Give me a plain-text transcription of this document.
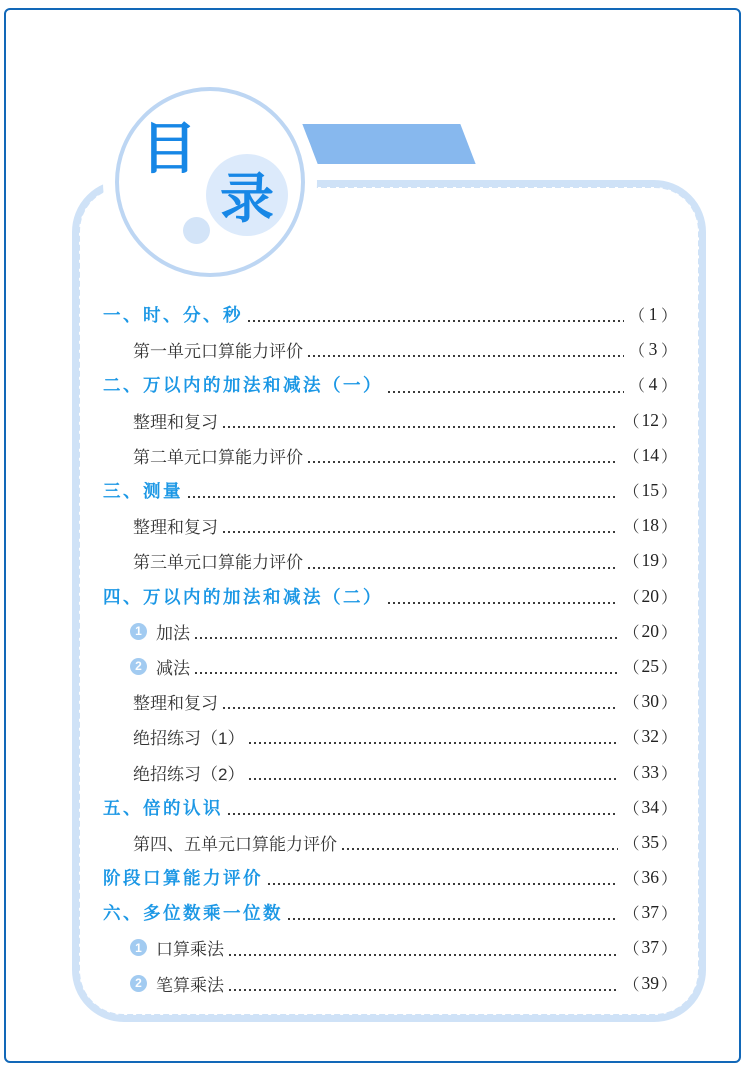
目
录
一、时、分、秒	（ 1 ）
第一单元口算能力评价	（ 3 ）
二、万以内的加法和减法（一）	（ 4 ）
整理和复习	（ 12 ）
第二单元口算能力评价	（ 14 ）
三、测量	（ 15 ）
整理和复习	（ 18 ）
第三单元口算能力评价	（ 19 ）
四、万以内的加法和减法（二）	（ 20 ）
1 加法	（ 20 ）
2 减法	（ 25 ）
整理和复习	（ 30 ）
绝招练习（1）	（ 32 ）
绝招练习（2）	（ 33 ）
五、倍的认识	（ 34 ）
第四、五单元口算能力评价	（ 35 ）
阶段口算能力评价	（ 36 ）
六、多位数乘一位数	（ 37 ）
1 口算乘法	（ 37 ）
2 笔算乘法	（ 39 ）
